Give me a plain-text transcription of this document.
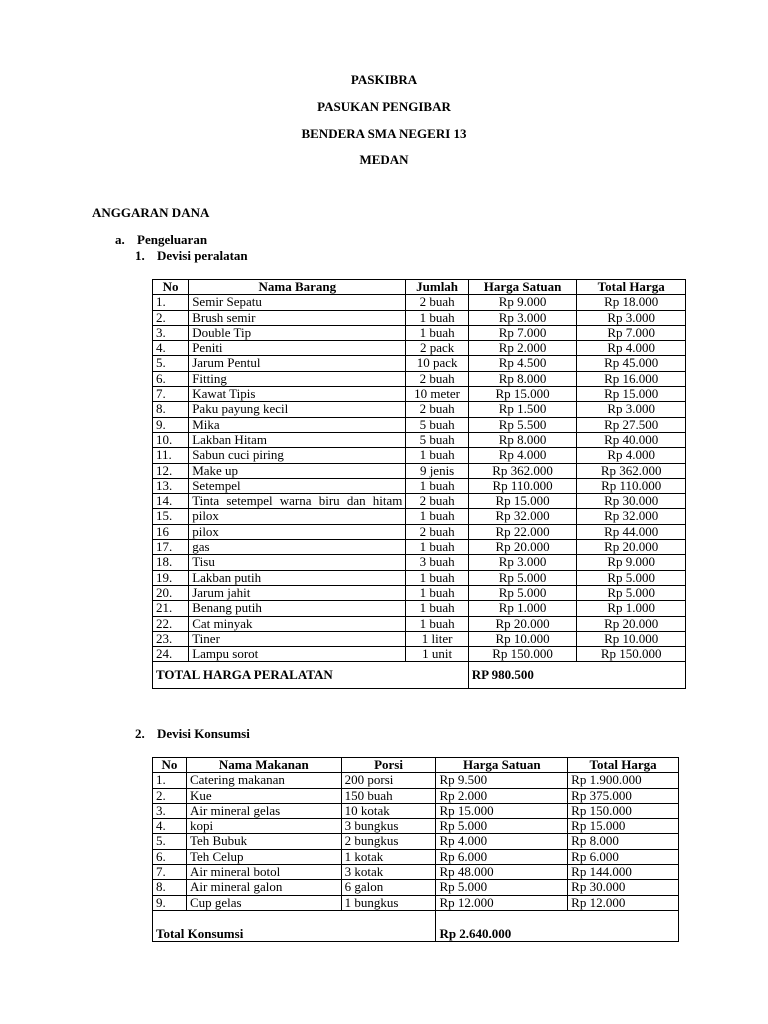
PASKIBRA
PASUKAN PENGIBAR
BENDERA SMA NEGERI 13
MEDAN
ANGGARAN DANA
a. Pengeluaran
1. Devisi peralatan
No	Nama Barang	Jumlah	Harga Satuan	Total Harga
1.	Semir Sepatu	2 buah	Rp 9.000	Rp 18.000
2.	Brush semir	1 buah	Rp 3.000	Rp 3.000
3.	Double Tip	1 buah	Rp 7.000	Rp 7.000
4.	Peniti	2 pack	Rp 2.000	Rp 4.000
5.	Jarum Pentul	10 pack	Rp 4.500	Rp 45.000
6.	Fitting	2 buah	Rp 8.000	Rp 16.000
7.	Kawat Tipis	10 meter	Rp 15.000	Rp 15.000
8.	Paku payung kecil	2 buah	Rp 1.500	Rp 3.000
9.	Mika	5 buah	Rp 5.500	Rp 27.500
10.	Lakban Hitam	5 buah	Rp 8.000	Rp 40.000
11.	Sabun cuci piring	1 buah	Rp 4.000	Rp 4.000
12.	Make up	9 jenis	Rp 362.000	Rp 362.000
13.	Setempel	1 buah	Rp 110.000	Rp 110.000
14.	Tinta setempel warna biru dan hitam	2 buah	Rp 15.000	Rp 30.000
15.	pilox	1 buah	Rp 32.000	Rp 32.000
16	pilox	2 buah	Rp 22.000	Rp 44.000
17.	gas	1 buah	Rp 20.000	Rp 20.000
18.	Tisu	3 buah	Rp 3.000	Rp 9.000
19.	Lakban putih	1 buah	Rp 5.000	Rp 5.000
20.	Jarum jahit	1 buah	Rp 5.000	Rp 5.000
21.	Benang putih	1 buah	Rp 1.000	Rp 1.000
22.	Cat minyak	1 buah	Rp 20.000	Rp 20.000
23.	Tiner	1 liter	Rp 10.000	Rp 10.000
24.	Lampu sorot	1 unit	Rp 150.000	Rp 150.000
TOTAL HARGA PERALATAN			RP 980.500	
2. Devisi Konsumsi
No	Nama Makanan	Porsi	Harga Satuan	Total Harga
1.	Catering makanan	200 porsi	Rp 9.500	Rp 1.900.000
2.	Kue	150 buah	Rp 2.000	Rp 375.000
3.	Air mineral gelas	10 kotak	Rp 15.000	Rp 150.000
4.	kopi	3 bungkus	Rp 5.000	Rp 15.000
5.	Teh Bubuk	2 bungkus	Rp 4.000	Rp 8.000
6.	Teh Celup	1 kotak	Rp 6.000	Rp 6.000
7.	Air mineral botol	3 kotak	Rp 48.000	Rp 144.000
8.	Air mineral galon	6 galon	Rp 5.000	Rp 30.000
9.	Cup gelas	1 bungkus	Rp 12.000	Rp 12.000
Total Konsumsi			Rp 2.640.000	
